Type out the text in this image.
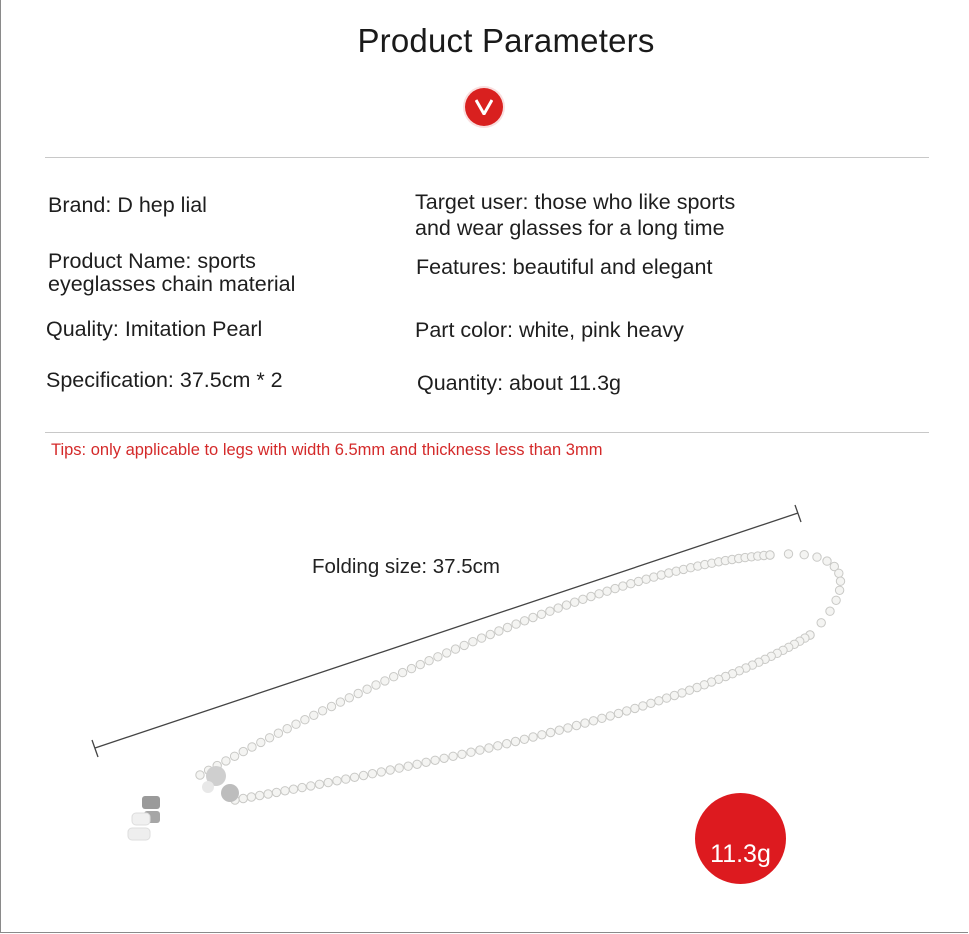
Product Parameters
Brand: D hep lial
Product Name: sports
eyeglasses chain material
Quality: Imitation Pearl
Specification: 37.5cm * 2
Target user: those who like sports
and wear glasses for a long time
Features: beautiful and elegant
Part color: white, pink heavy
Quantity: about 11.3g
Tips: only applicable to legs with width 6.5mm and thickness less than 3mm
Folding size: 37.5cm
11.3g
